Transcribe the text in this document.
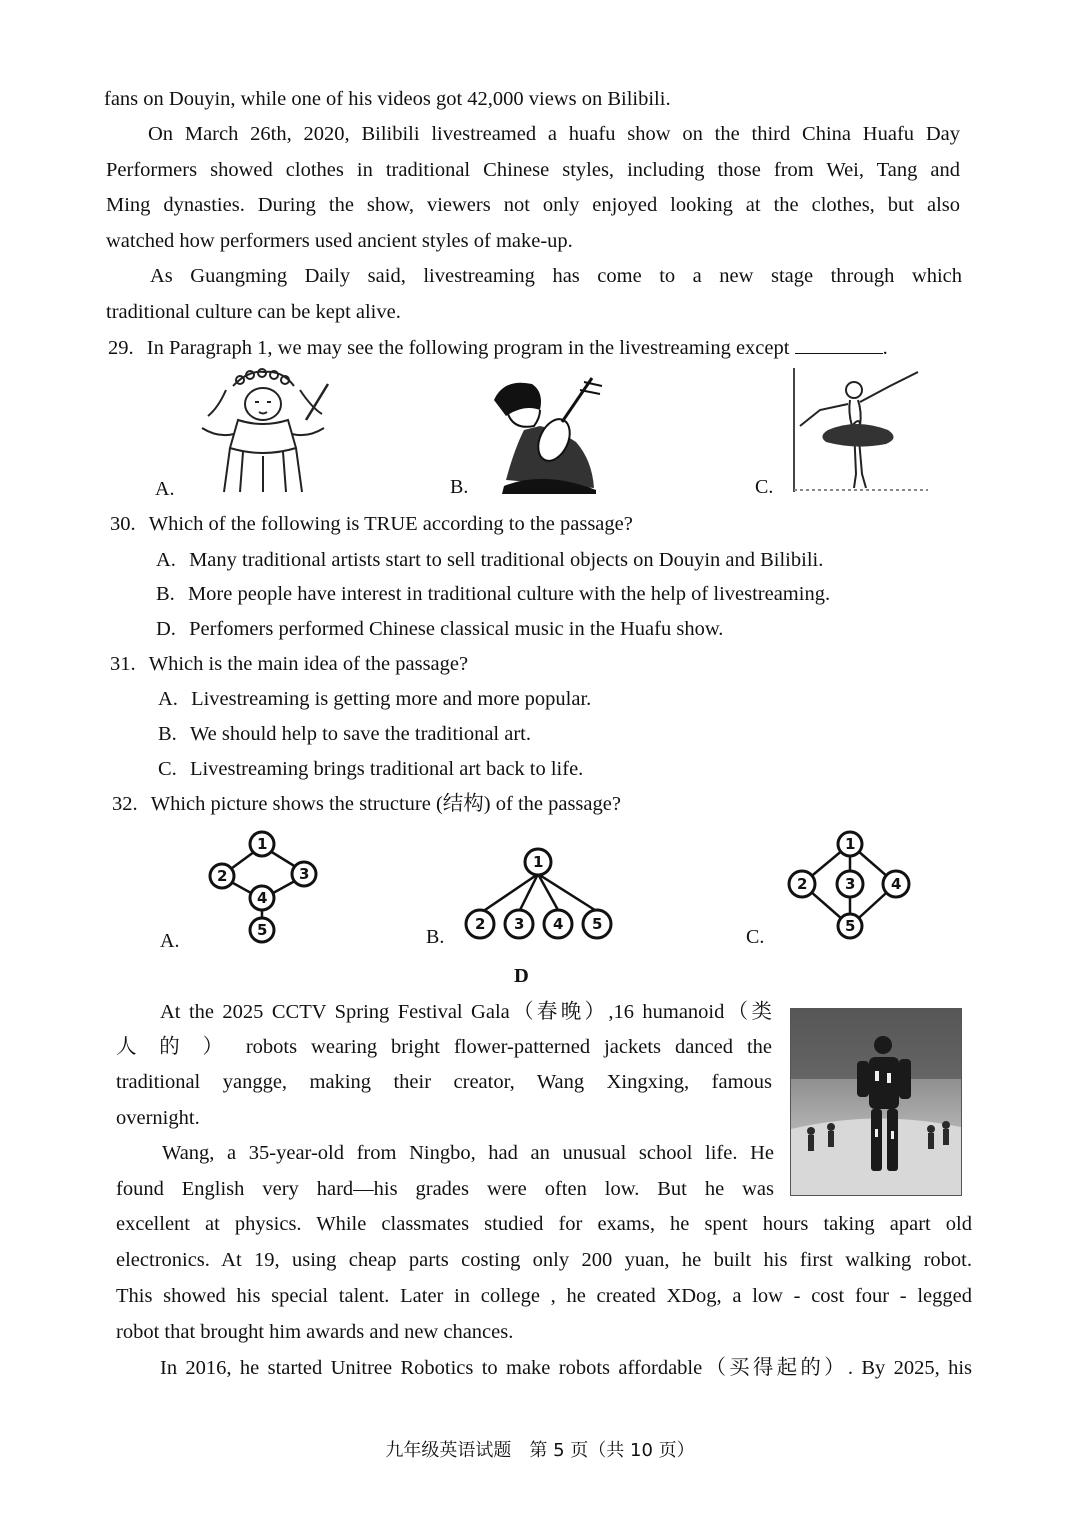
fans on Douyin, while one of his videos got 42,000 views on Bilibili.
On March 26th, 2020, Bilibili livestreamed a huafu show on the third China Huafu Day
Performers showed clothes in traditional Chinese styles, including those from Wei, Tang and
Ming dynasties. During the show, viewers not only enjoyed looking at the clothes, but also
watched how performers used ancient styles of make-up.
As Guangming Daily said, livestreaming has come to a new stage through which
traditional culture can be kept alive.
29. In Paragraph 1, we may see the following program in the livestreaming except	.
A.	B.	C.
30. Which of the following is TRUE according to the passage?
A. Many traditional artists start to sell traditional objects on Douyin and Bilibili.
B. More people have interest in traditional culture with the help of livestreaming.
D. Perfomers performed Chinese classical music in the Huafu show.
31. Which is the main idea of the passage?
A. Livestreaming is getting more and more popular.
B. We should help to save the traditional art.
C. Livestreaming brings traditional art back to life.
32. Which picture shows the structure (结构) of the passage?
A.	B.	C.
1
2	3
4
5
1
2 3 4 5
1
2	3 4
5
D
At the 2025 CCTV Spring Festival Gala（春晚）,16 humanoid（类
人 的 ） robots wearing bright flower-patterned jackets danced the
traditional yangge, making their creator, Wang Xingxing, famous
overnight.
Wang, a 35-year-old from Ningbo, had an unusual school life. He
found English very hard—his grades were often low. But he was
excellent at physics. While classmates studied for exams, he spent hours taking apart old
electronics. At 19, using cheap parts costing only 200 yuan, he built his first walking robot.
This showed his special talent. Later in college , he created XDog, a low - cost four - legged
robot that brought him awards and new chances.
In 2016, he started Unitree Robotics to make robots affordable（买得起的）. By 2025, his
九年级英语试题　第 5 页（共 10 页）
